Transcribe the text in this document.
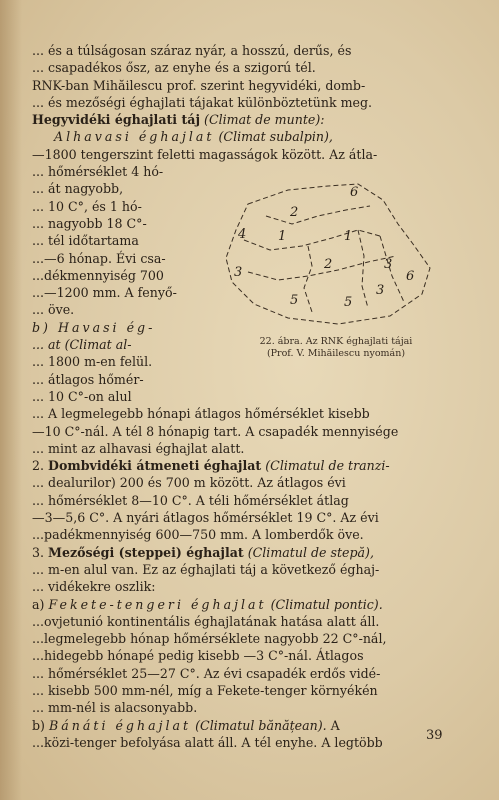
... és a túlságosan száraz nyár, a hosszú, derűs, és
... csapadékos ősz, az enyhe és a szigorú tél.
RNK-ban Mihăilescu prof. szerint hegyvidéki, domb-
... és mezőségi éghajlati tájakat különböztetünk meg.
Hegyvidéki éghajlati táj (Climat de munte):
Alhavasi éghajlat (Climat subalpin),
—1800 tengerszint feletti magasságok között. Az átla-
... hőmérséklet 4 hó-
... át nagyobb,
... 10 C°, és 1 hó-
... nagyobb 18 C°-
... tél időtartama
...—6 hónap. Évi csa-
...dékmennyiség 700
...—1200 mm. A fenyő-
... öve.
b) Havasi ég-
... at (Climat al-
... 1800 m-en felül.
... átlagos hőmér-
... 10 C°-on alul
... A legmelegebb hónapi átlagos hőmérséklet kisebb
—10 C°-nál. A tél 8 hónapig tart. A csapadék mennyisége
... mint az alhavasi éghajlat alatt.
2. Dombvidéki átmeneti éghajlat (Climatul de tranzi-
... dealurilor) 200 és 700 m között. Az átlagos évi
... hőmérséklet 8—10 C°. A téli hőmérséklet átlag
—3—5,6 C°. A nyári átlagos hőmérséklet 19 C°. Az évi
...padékmennyiség 600—750 mm. A lomberdők öve.
3. Mezőségi (steppei) éghajlat (Climatul de stepă),
... m-en alul van. Ez az éghajlati táj a következő éghaj-
... vidékekre oszlik:
a) Fekete-tengeri éghajlat (Climatul pontic).
...ovjetunió kontinentális éghajlatának hatása alatt áll.
...legmelegebb hónap hőmérséklete nagyobb 22 C°-nál,
...hidegebb hónapé pedig kisebb —3 C°-nál. Átlagos
... hőmérséklet 25—27 C°. Az évi csapadék erdős vidé-
... kisebb 500 mm-nél, míg a Fekete-tenger környékén
... mm-nél is alacsonyabb.
b) Bánáti éghajlat (Climatul bănățean). A
...közi-tenger befolyása alatt áll. A tél enyhe. A legtöbb
6
2
4 1
3
1
2
3
5
3
5
6
22. ábra. Az RNK éghajlati tájai
(Prof. V. Mihăilescu nyomán)
39
